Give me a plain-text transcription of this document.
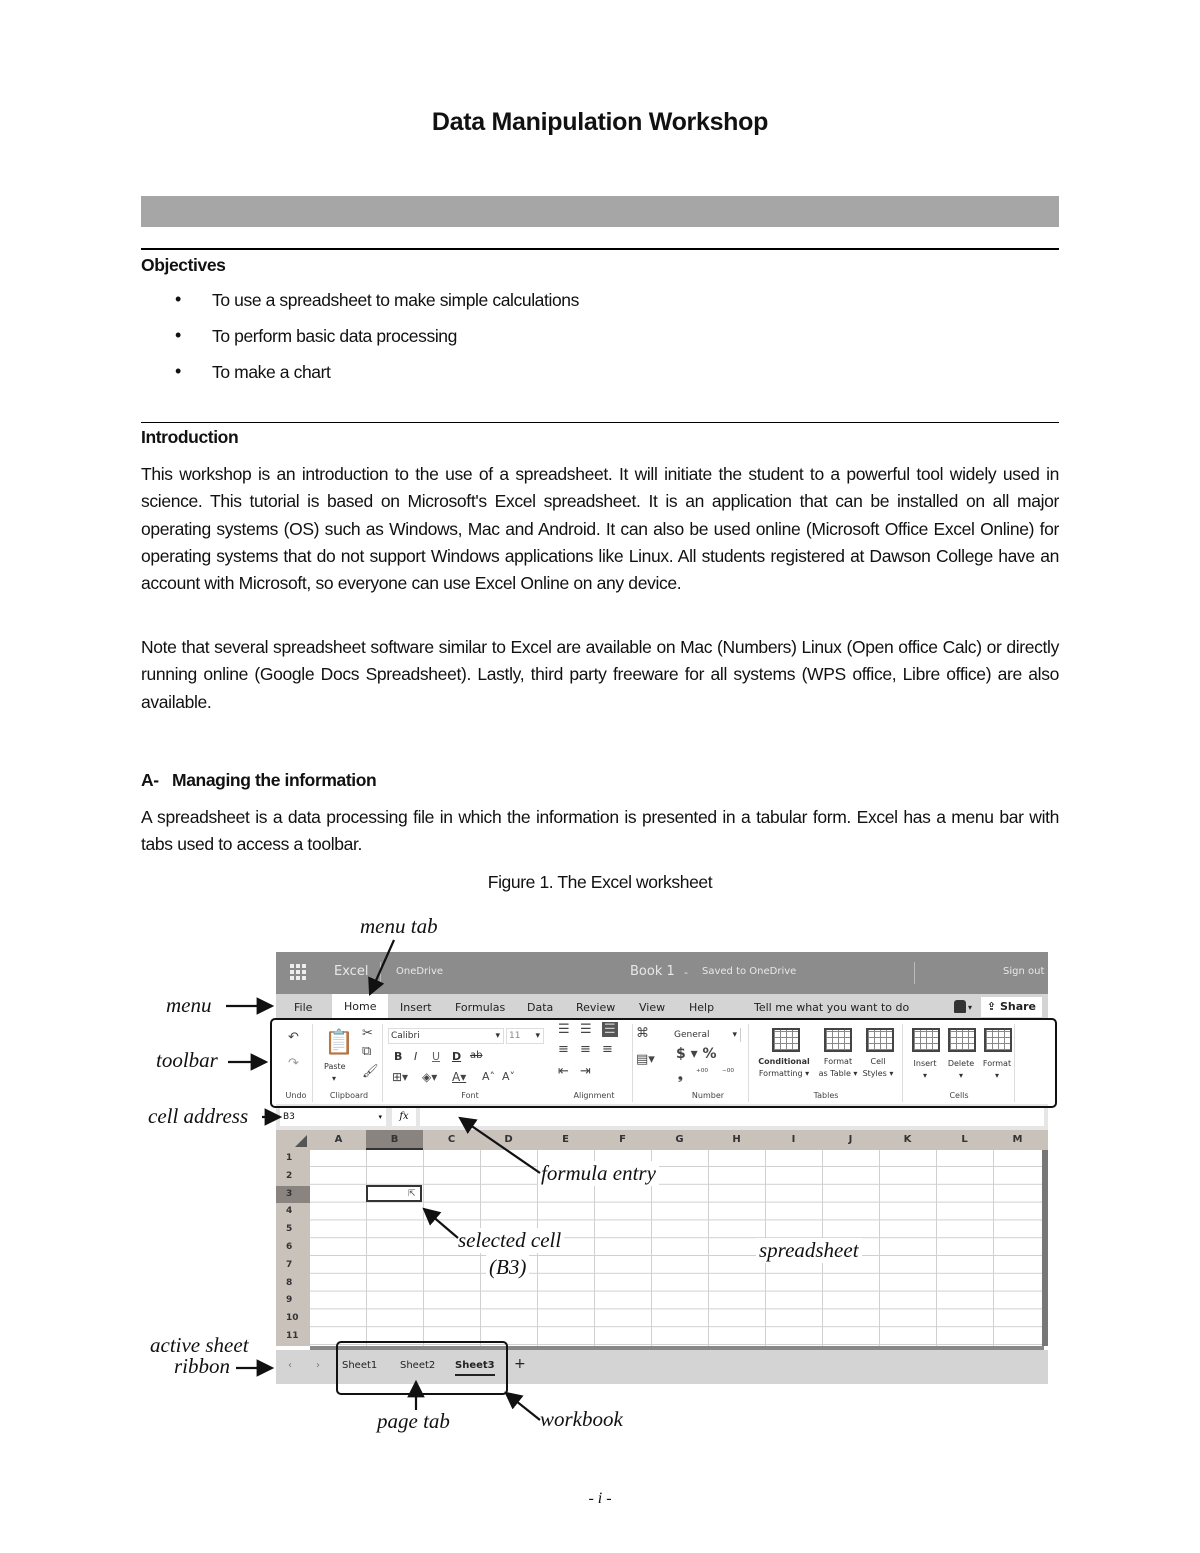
Data Manipulation Workshop
Objectives
• To use a spreadsheet to make simple calculations
• To perform basic data processing
• To make a chart
Introduction

This workshop is an introduction to the use of a spreadsheet. It will initiate the student to a powerful tool widely used in science. This tutorial is based on Microsoft's Excel spreadsheet. It is an application that can be installed on all major operating systems (OS) such as Windows, Mac and Android. It can also be used online (Microsoft Office Excel Online) for operating systems that do not support Windows applications like Linux. All students registered at Dawson College have an account with Microsoft, so everyone can use Excel Online on any device.

Note that several spreadsheet software similar to Excel are available on Mac (Numbers) Linux (Open office Calc) or directly running online (Google Docs Spreadsheet). Lastly, third party freeware for all systems (WPS office, Libre office) are also available.

A-   Managing the information

A spreadsheet is a data processing file in which the information is presented in a tabular form. Excel has a menu bar with tabs used to access a toolbar.

Figure 1. The Excel worksheet
Excel	OneDrive	Book 1 - Saved to OneDrive	Sign out
File	Home	Insert Formulas Data Review View Help	Tell me what you want to do	▾	⇪ Share
↶
↷
Undo
📋
Paste
▾
✂
⧉
🖌
Clipboard	Font
Calibri	▾	11 ▾
B I U D ab
⊞▾ ◈▾ A▾ A˄ A˅
Alignment
☰ ☰ ☰
≡ ≡ ≡
⇤ ⇥
⌘
▤▾
Number
General	▾
$ ▾ %
❟ ⁺⁰⁰ ⁻⁰⁰
Tables
Conditional
Formatting ▾
Format
as Table ▾
Cell
Styles ▾
Cells
Insert
▾
Delete
▾
Format
▾
B3	▾	fx
A	B	C	D	E	F	G	H	I	J	K	L	M
1
2
3
4
5
6
7
8
9
10
11
⇱
‹ › Sheet1 Sheet2 Sheet3 +
menu tab
menu
toolbar
cell address
formula entry
selected cell
(B3)
spreadsheet
active sheet
ribbon
page tab	workbook
- i -
